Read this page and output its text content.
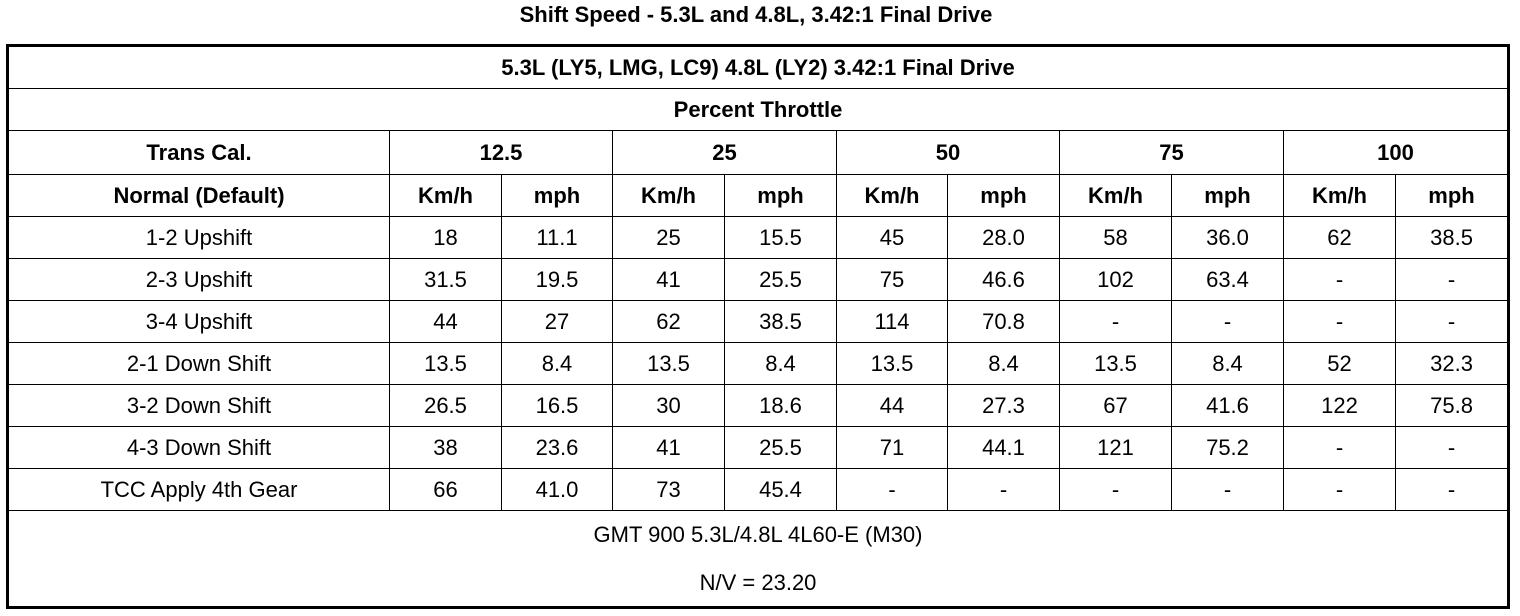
Shift Speed - 5.3L and 4.8L, 3.42:1 Final Drive
5.3L (LY5, LMG, LC9) 4.8L (LY2) 3.42:1 Final Drive										
Percent Throttle										
Trans Cal.	12.5		25		50		75		100	
Normal (Default)	Km/h	mph	Km/h	mph	Km/h	mph	Km/h	mph	Km/h	mph
1-2 Upshift	18	11.1	25	15.5	45	28.0	58	36.0	62	38.5
2-3 Upshift	31.5	19.5	41	25.5	75	46.6	102	63.4	-	-
3-4 Upshift	44	27	62	38.5	114	70.8	-	-	-	-
2-1 Down Shift	13.5	8.4	13.5	8.4	13.5	8.4	13.5	8.4	52	32.3
3-2 Down Shift	26.5	16.5	30	18.6	44	27.3	67	41.6	122	75.8
4-3 Down Shift	38	23.6	41	25.5	71	44.1	121	75.2	-	-
TCC Apply 4th Gear	66	41.0	73	45.4	-	-	-	-	-	-
GMT 900 5.3L/4.8L 4L60-E (M30)
N/V = 23.20										
